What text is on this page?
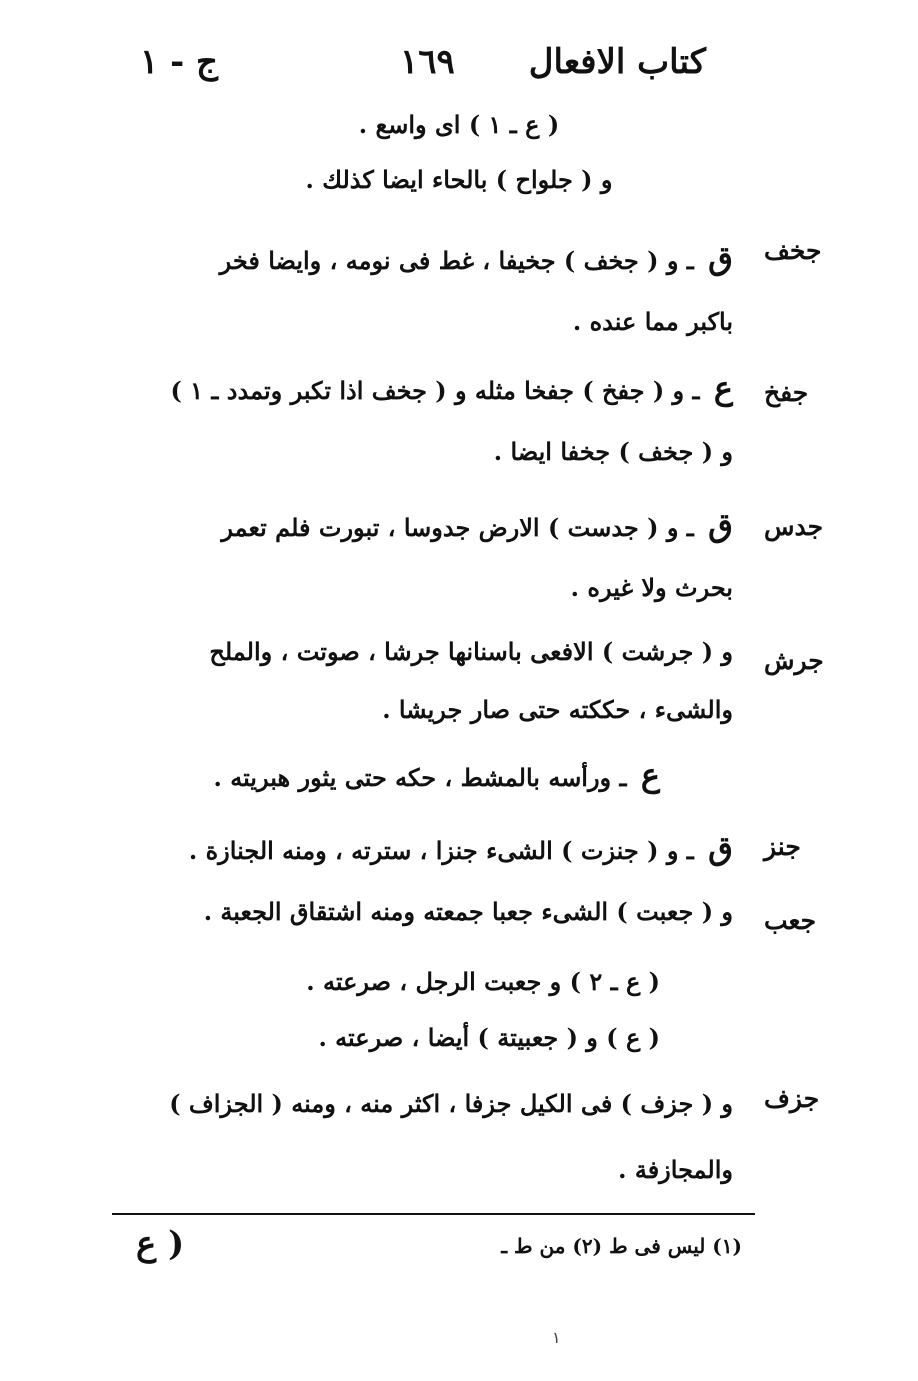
كتاب الافعال
١٦٩
ج - ١
( ع ـ ١ ) اى واسع .
و ( جلواح ) بالحاء ايضا كذلك .
جخف
ق ـ و ( جخف ) جخيفا ، غط فى نومه ، وايضا فخر
باكبر مما عنده .
جفخ
ع ـ و ( جفخ ) جفخا مثله و ( جخف اذا تكبر وتمدد ـ ١ )
و ( جخف ) جخفا ايضا .
جدس
ق ـ و ( جدست ) الارض جدوسا ، تبورت فلم تعمر
بحرث ولا غيره .
جرش
و ( جرشت ) الافعى باسنانها جرشا ، صوتت ، والملح
والشىء ، حككته حتى صار جريشا .
ع ـ ورأسه بالمشط ، حكه حتى يثور هبريته .
جنز
ق ـ و ( جنزت ) الشىء جنزا ، سترته ، ومنه الجنازة .
جعب
و ( جعبت ) الشىء جعبا جمعته ومنه اشتقاق الجعبة .
( ع ـ ٢ ) و جعبت الرجل ، صرعته .
( ع ) و ( جعبيتة ) أيضا ، صرعته .
جزف
و ( جزف ) فى الكيل جزفا ، اكثر منه ، ومنه ( الجزاف )
والمجازفة .
(١) ليس فى ط (٢) من ط ـ
( ع
١
